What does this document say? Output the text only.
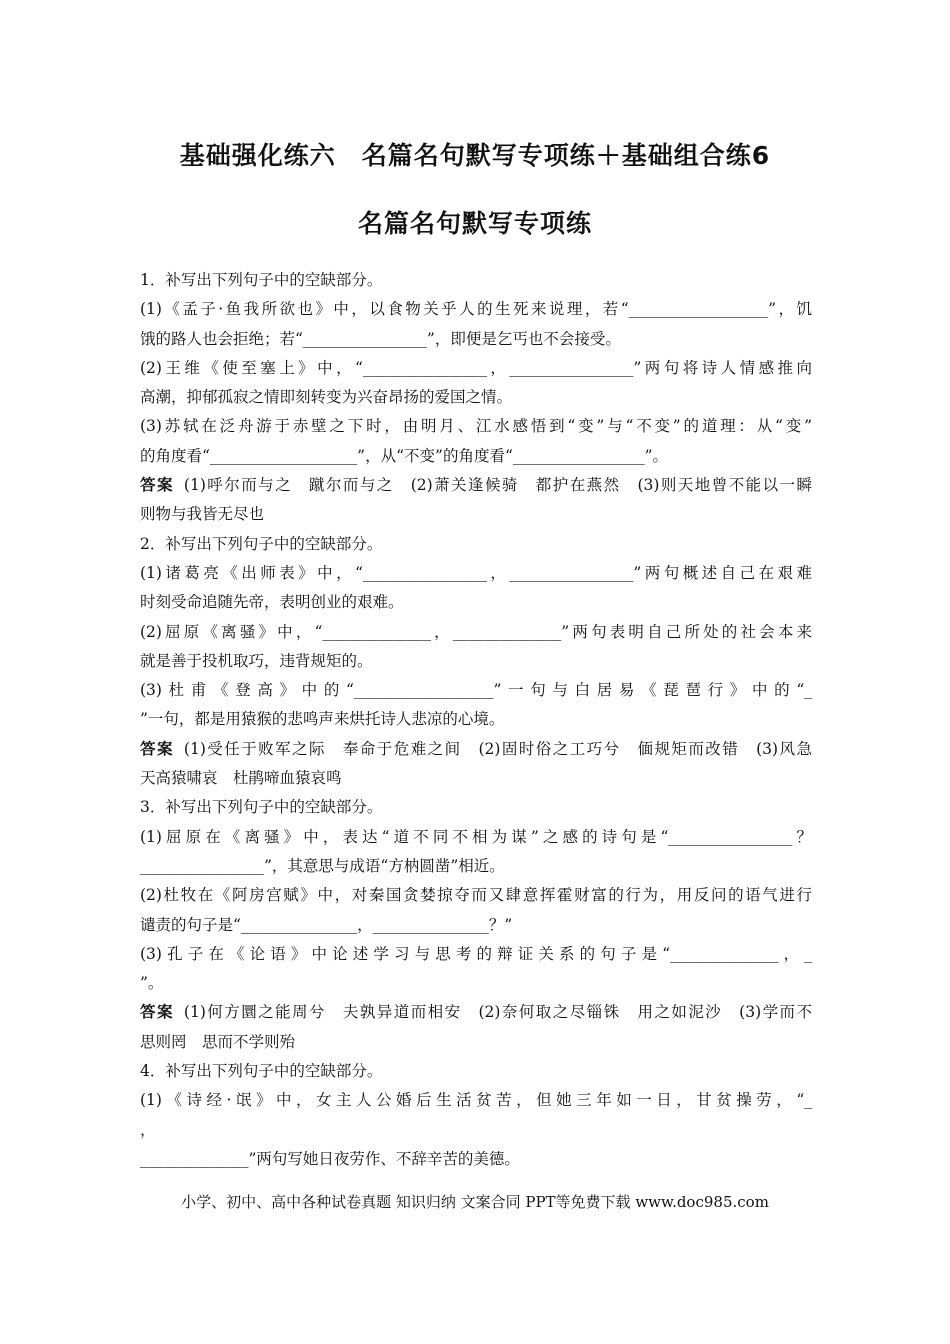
基础强化练六　名篇名句默写专项练＋基础组合练6
名篇名句默写专项练
1．补写出下列句子中的空缺部分。
(1)《孟子·鱼我所欲也》中，以食物关乎人的生死来说理，若“__________________”，饥
饿的路人也会拒绝；若“________________”，即便是乞丐也不会接受。
(2)王维《使至塞上》中，“________________，________________”两句将诗人情感推向
高潮，抑郁孤寂之情即刻转变为兴奋昂扬的爱国之情。
(3)苏轼在泛舟游于赤壁之下时，由明月、江水感悟到“变”与“不变”的道理：从“变”
的角度看“___________________”，从“不变”的角度看“_________________”。
答案 (1)呼尔而与之　蹴尔而与之　(2)萧关逢候骑　都护在燕然　(3)则天地曾不能以一瞬
则物与我皆无尽也
2．补写出下列句子中的空缺部分。
(1)诸葛亮《出师表》中，“________________，________________”两句概述自己在艰难
时刻受命追随先帝，表明创业的艰难。
(2)屈原《离骚》中，“______________，______________”两句表明自己所处的社会本来
就是善于投机取巧，违背规矩的。
(3)杜甫《登高》中的“__________________”一句与白居易《琵琶行》中的“_
”一句，都是用猿猴的悲鸣声来烘托诗人悲凉的心境。
答案 (1)受任于败军之际　奉命于危难之间　(2)固时俗之工巧兮　偭规矩而改错　(3)风急
天高猿啸哀　杜鹃啼血猿哀鸣
3．补写出下列句子中的空缺部分。
(1)屈原在《离骚》中，表达“道不同不相为谋”之感的诗句是“________________？
________________”，其意思与成语“方枘圆凿”相近。
(2)杜牧在《阿房宫赋》中，对秦国贪婪掠夺而又肆意挥霍财富的行为，用反问的语气进行
谴责的句子是“_______________，_______________？”
(3)孔子在《论语》中论述学习与思考的辩证关系的句子是“______________，_
”。
答案 (1)何方圜之能周兮　夫孰异道而相安　(2)奈何取之尽锱铢　用之如泥沙　(3)学而不
思则罔　思而不学则殆
4．补写出下列句子中的空缺部分。
(1)《诗经·氓》中，女主人公婚后生活贫苦，但她三年如一日，甘贫操劳，“_
，
______________”两句写她日夜劳作、不辞辛苦的美德。
小学、初中、高中各种试卷真题 知识归纳 文案合同 PPT等免费下载 www.doc985.com
